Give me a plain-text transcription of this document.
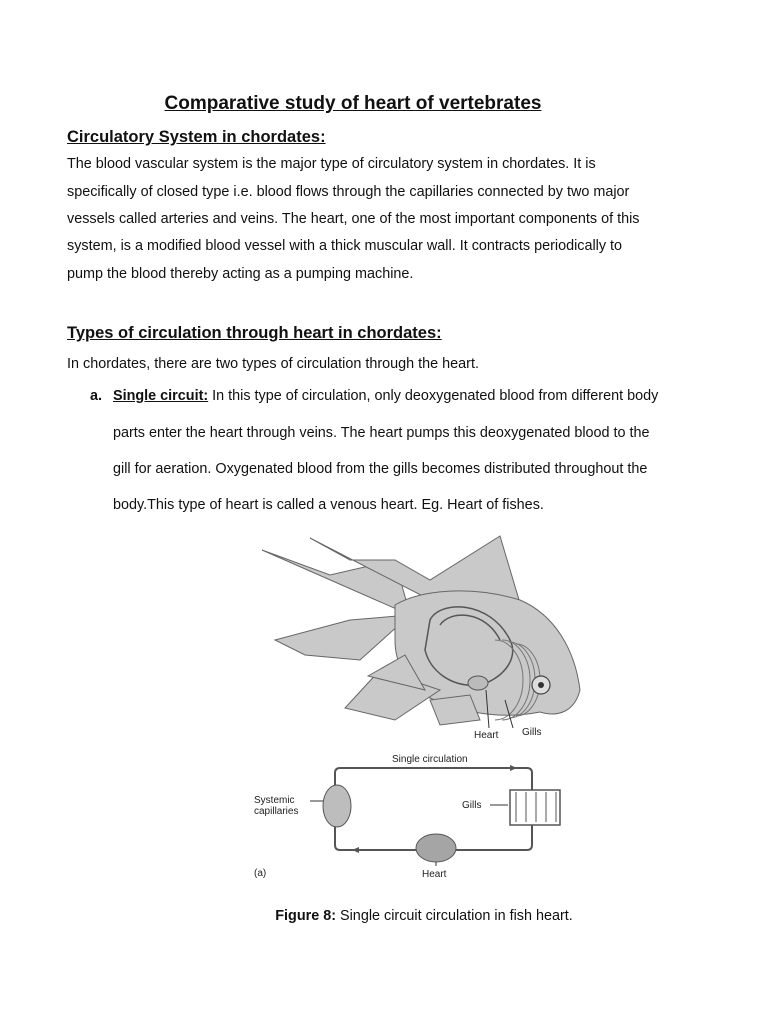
Comparative study of heart of vertebrates
Circulatory System in chordates:
The blood vascular system is the major type of circulatory system in chordates. It is
specifically of closed type i.e. blood flows through the capillaries connected by two major
vessels called arteries and veins. The heart, one of the most important components of this
system, is a modified blood vessel with a thick muscular wall. It contracts periodically to
pump the blood thereby acting as a pumping machine.
Types of circulation through heart in chordates:
In chordates, there are two types of circulation through the heart.
a. Single circuit: In this type of circulation, only deoxygenated blood from different body
parts enter the heart through veins. The heart pumps this deoxygenated blood to the
gill for aeration. Oxygenated blood from the gills becomes distributed throughout the
body.This type of heart is called a venous heart. Eg. Heart of fishes.
Heart Gills
Single circulation
Systemic
capillaries
Gills
Heart
(a)
Figure 8: Single circuit circulation in fish heart.
